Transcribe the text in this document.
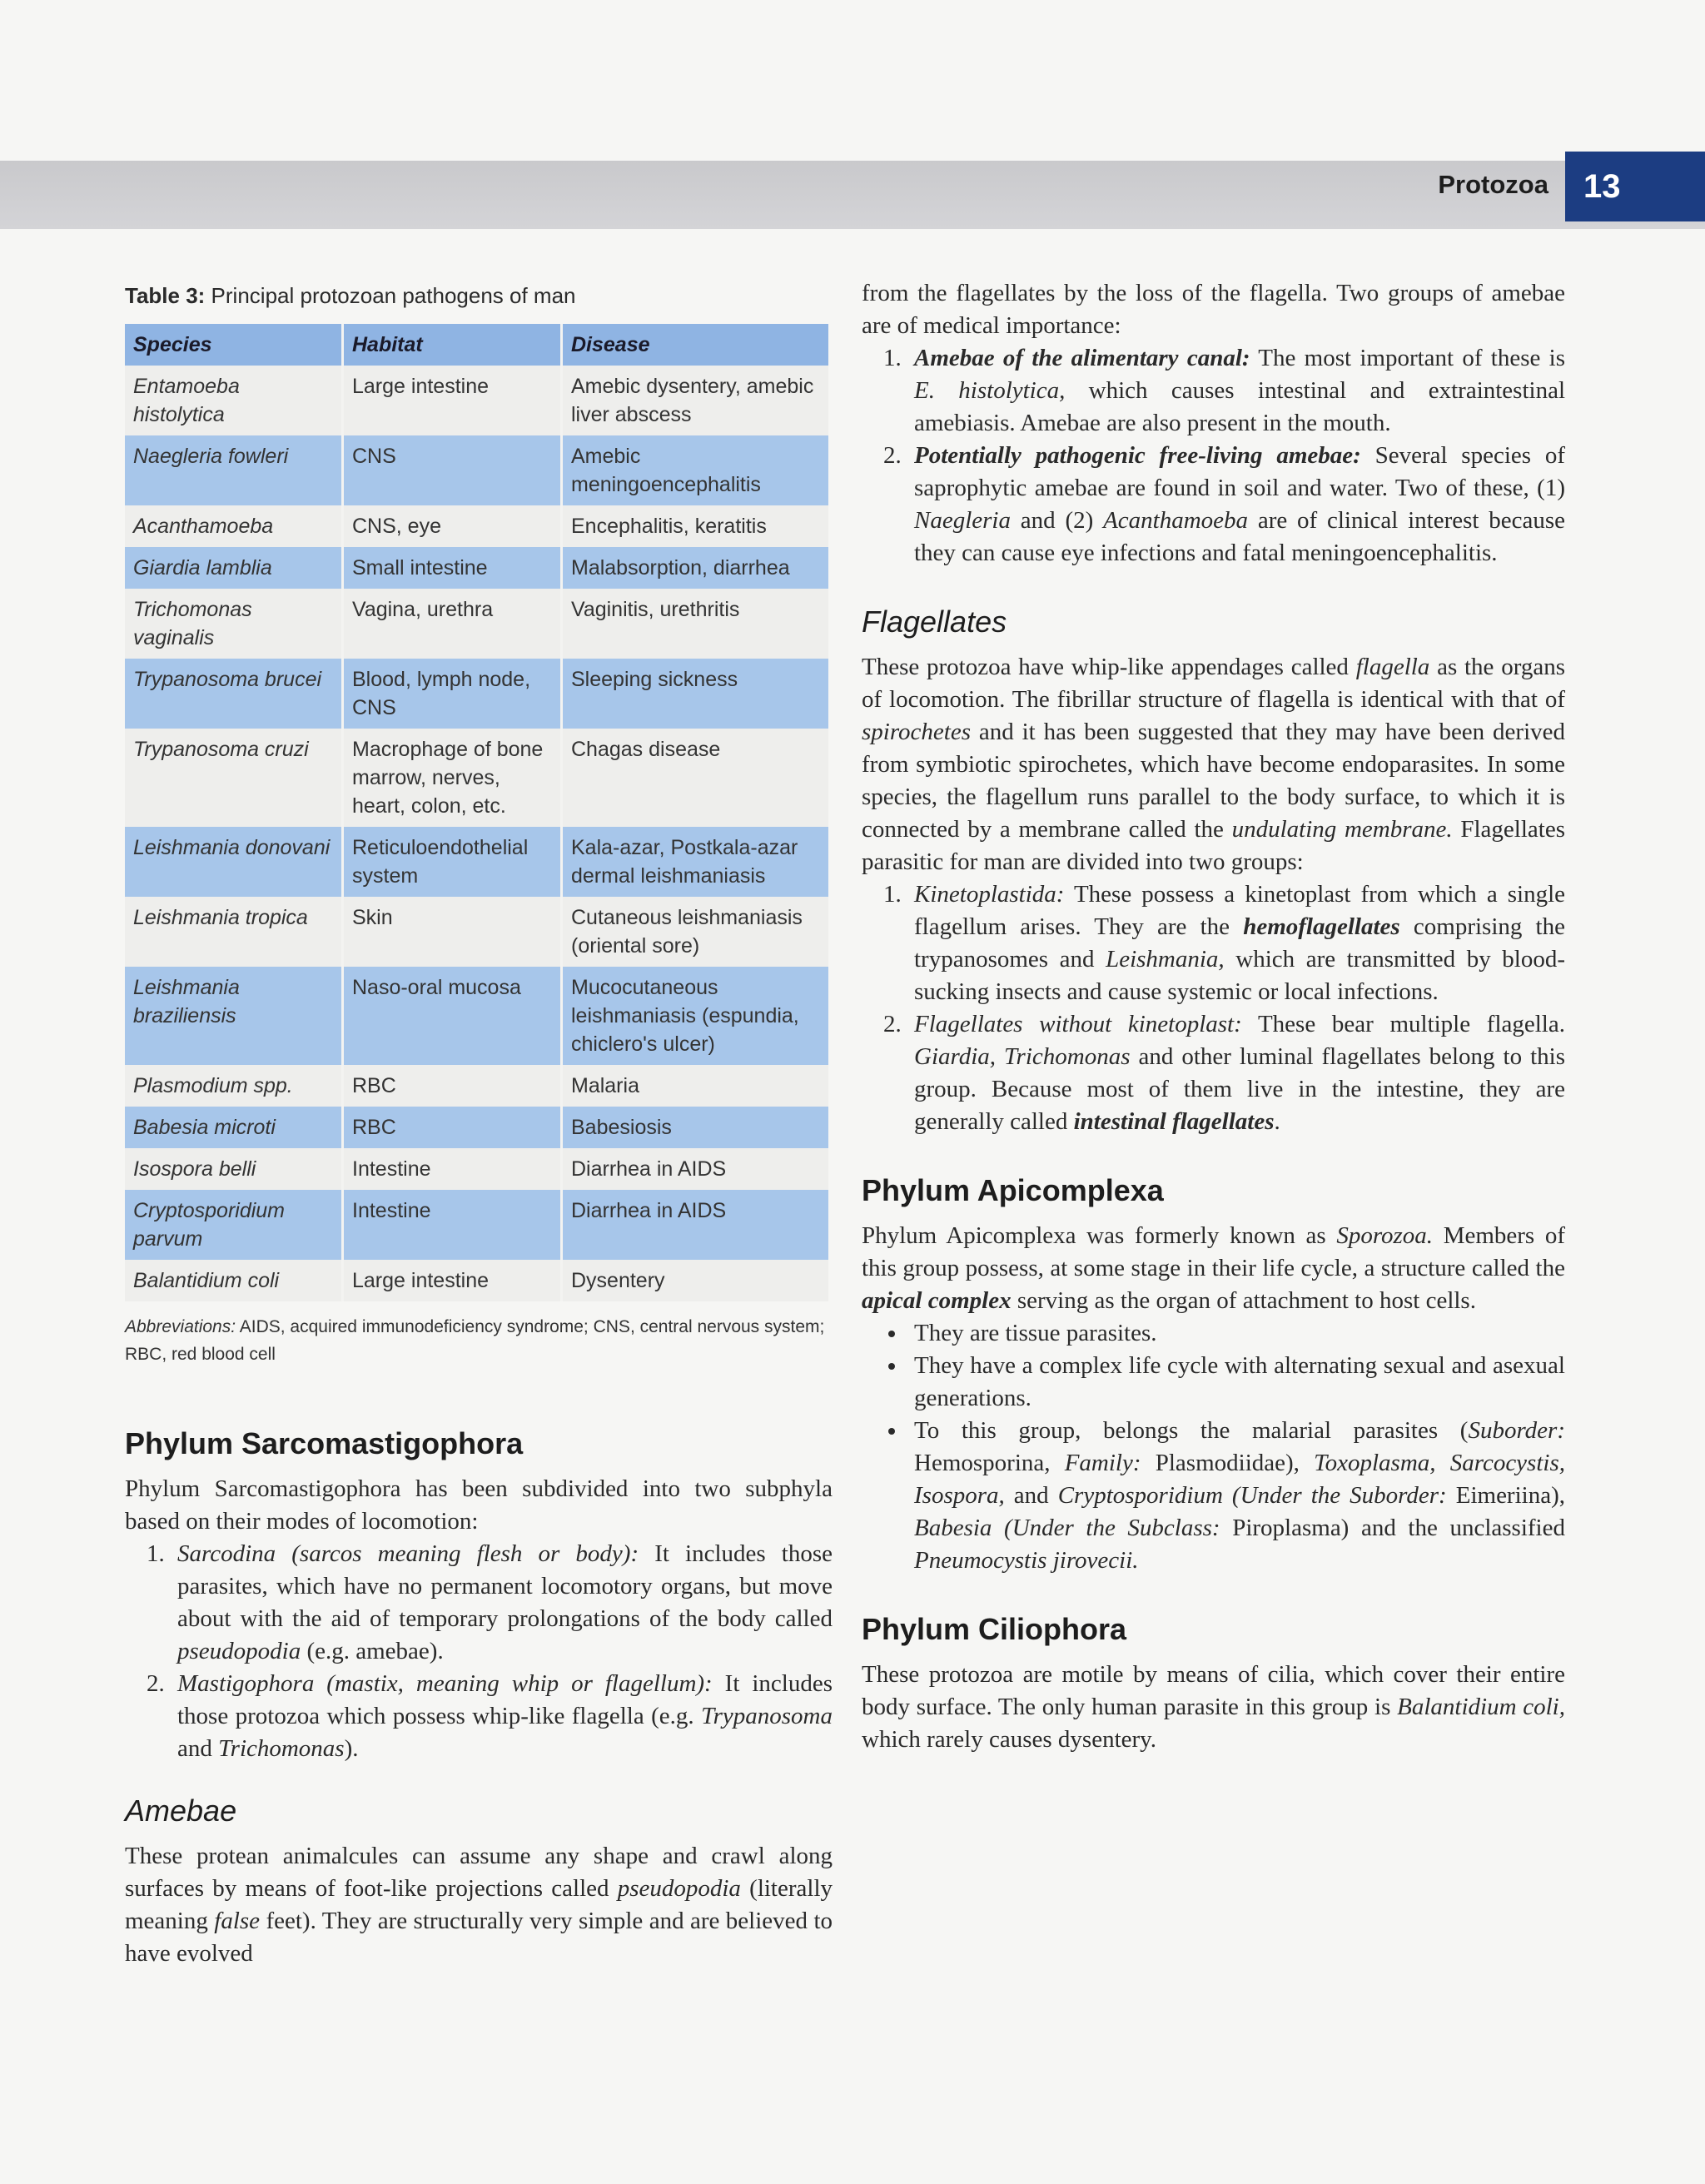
Protozoa	13
Table 3: Principal protozoan pathogens of man
Species	Habitat	Disease
Entamoeba histolytica	Large intestine	Amebic dysentery, amebic liver abscess
Naegleria fowleri	CNS	Amebic meningoencephalitis
Acanthamoeba	CNS, eye	Encephalitis, keratitis
Giardia lamblia	Small intestine	Malabsorption, diarrhea
Trichomonas vaginalis	Vagina, urethra	Vaginitis, urethritis
Trypanosoma brucei	Blood, lymph node, CNS	Sleeping sickness
Trypanosoma cruzi	Macrophage of bone marrow, nerves, heart, colon, etc.	Chagas disease
Leishmania donovani	Reticuloendothelial system	Kala-azar, Postkala-azar dermal leishmaniasis
Leishmania tropica	Skin	Cutaneous leishmaniasis (oriental sore)
Leishmania braziliensis	Naso-oral mucosa	Mucocutaneous leishmaniasis (espundia, chiclero's ulcer)
Plasmodium spp.	RBC	Malaria
Babesia microti	RBC	Babesiosis
Isospora belli	Intestine	Diarrhea in AIDS
Cryptosporidium parvum	Intestine	Diarrhea in AIDS
Balantidium coli	Large intestine	Dysentery
Abbreviations: AIDS, acquired immunodeficiency syndrome; CNS, central nervous system; RBC, red blood cell
Phylum Sarcomastigophora

Phylum Sarcomastigophora has been subdivided into two subphyla based on their modes of locomotion:

1. Sarcodina (sarcos meaning flesh or body): It includes those parasites, which have no permanent locomotory organs, but move about with the aid of temporary prolongations of the body called pseudopodia (e.g. amebae).
2. Mastigophora (mastix, meaning whip or flagellum): It includes those protozoa which possess whip-like flagella (e.g. Trypanosoma and Trichomonas).
Amebae

These protean animalcules can assume any shape and crawl along surfaces by means of foot-like projections called pseudopodia (literally meaning false feet). They are structurally very simple and are believed to have evolved

from the flagellates by the loss of the flagella. Two groups of amebae are of medical importance:

1. Amebae of the alimentary canal: The most important of these is E. histolytica, which causes intestinal and extraintestinal amebiasis. Amebae are also present in the mouth.
2. Potentially pathogenic free-living amebae: Several species of saprophytic amebae are found in soil and water. Two of these, (1) Naegleria and (2) Acanthamoeba are of clinical interest because they can cause eye infections and fatal meningoencephalitis.
Flagellates

These protozoa have whip-like appendages called flagella as the organs of locomotion. The fibrillar structure of flagella is identical with that of spirochetes and it has been suggested that they may have been derived from symbiotic spirochetes, which have become endoparasites. In some species, the flagellum runs parallel to the body surface, to which it is connected by a membrane called the undulating membrane. Flagellates parasitic for man are divided into two groups:

1. Kinetoplastida: These possess a kinetoplast from which a single flagellum arises. They are the hemoflagellates comprising the trypanosomes and Leishmania, which are transmitted by blood-sucking insects and cause systemic or local infections.
2. Flagellates without kinetoplast: These bear multiple flagella. Giardia, Trichomonas and other luminal flagellates belong to this group. Because most of them live in the intestine, they are generally called intestinal flagellates.
Phylum Apicomplexa

Phylum Apicomplexa was formerly known as Sporozoa. Members of this group possess, at some stage in their life cycle, a structure called the apical complex serving as the organ of attachment to host cells.

• They are tissue parasites.
• They have a complex life cycle with alternating sexual and asexual generations.
• To this group, belongs the malarial parasites (Suborder: Hemosporina, Family: Plasmodiidae), Toxoplasma, Sarcocystis, Isospora, and Cryptosporidium (Under the Suborder: Eimeriina), Babesia (Under the Subclass: Piroplasma) and the unclassified Pneumocystis jirovecii.
Phylum Ciliophora

These protozoa are motile by means of cilia, which cover their entire body surface. The only human parasite in this group is Balantidium coli, which rarely causes dysentery.
